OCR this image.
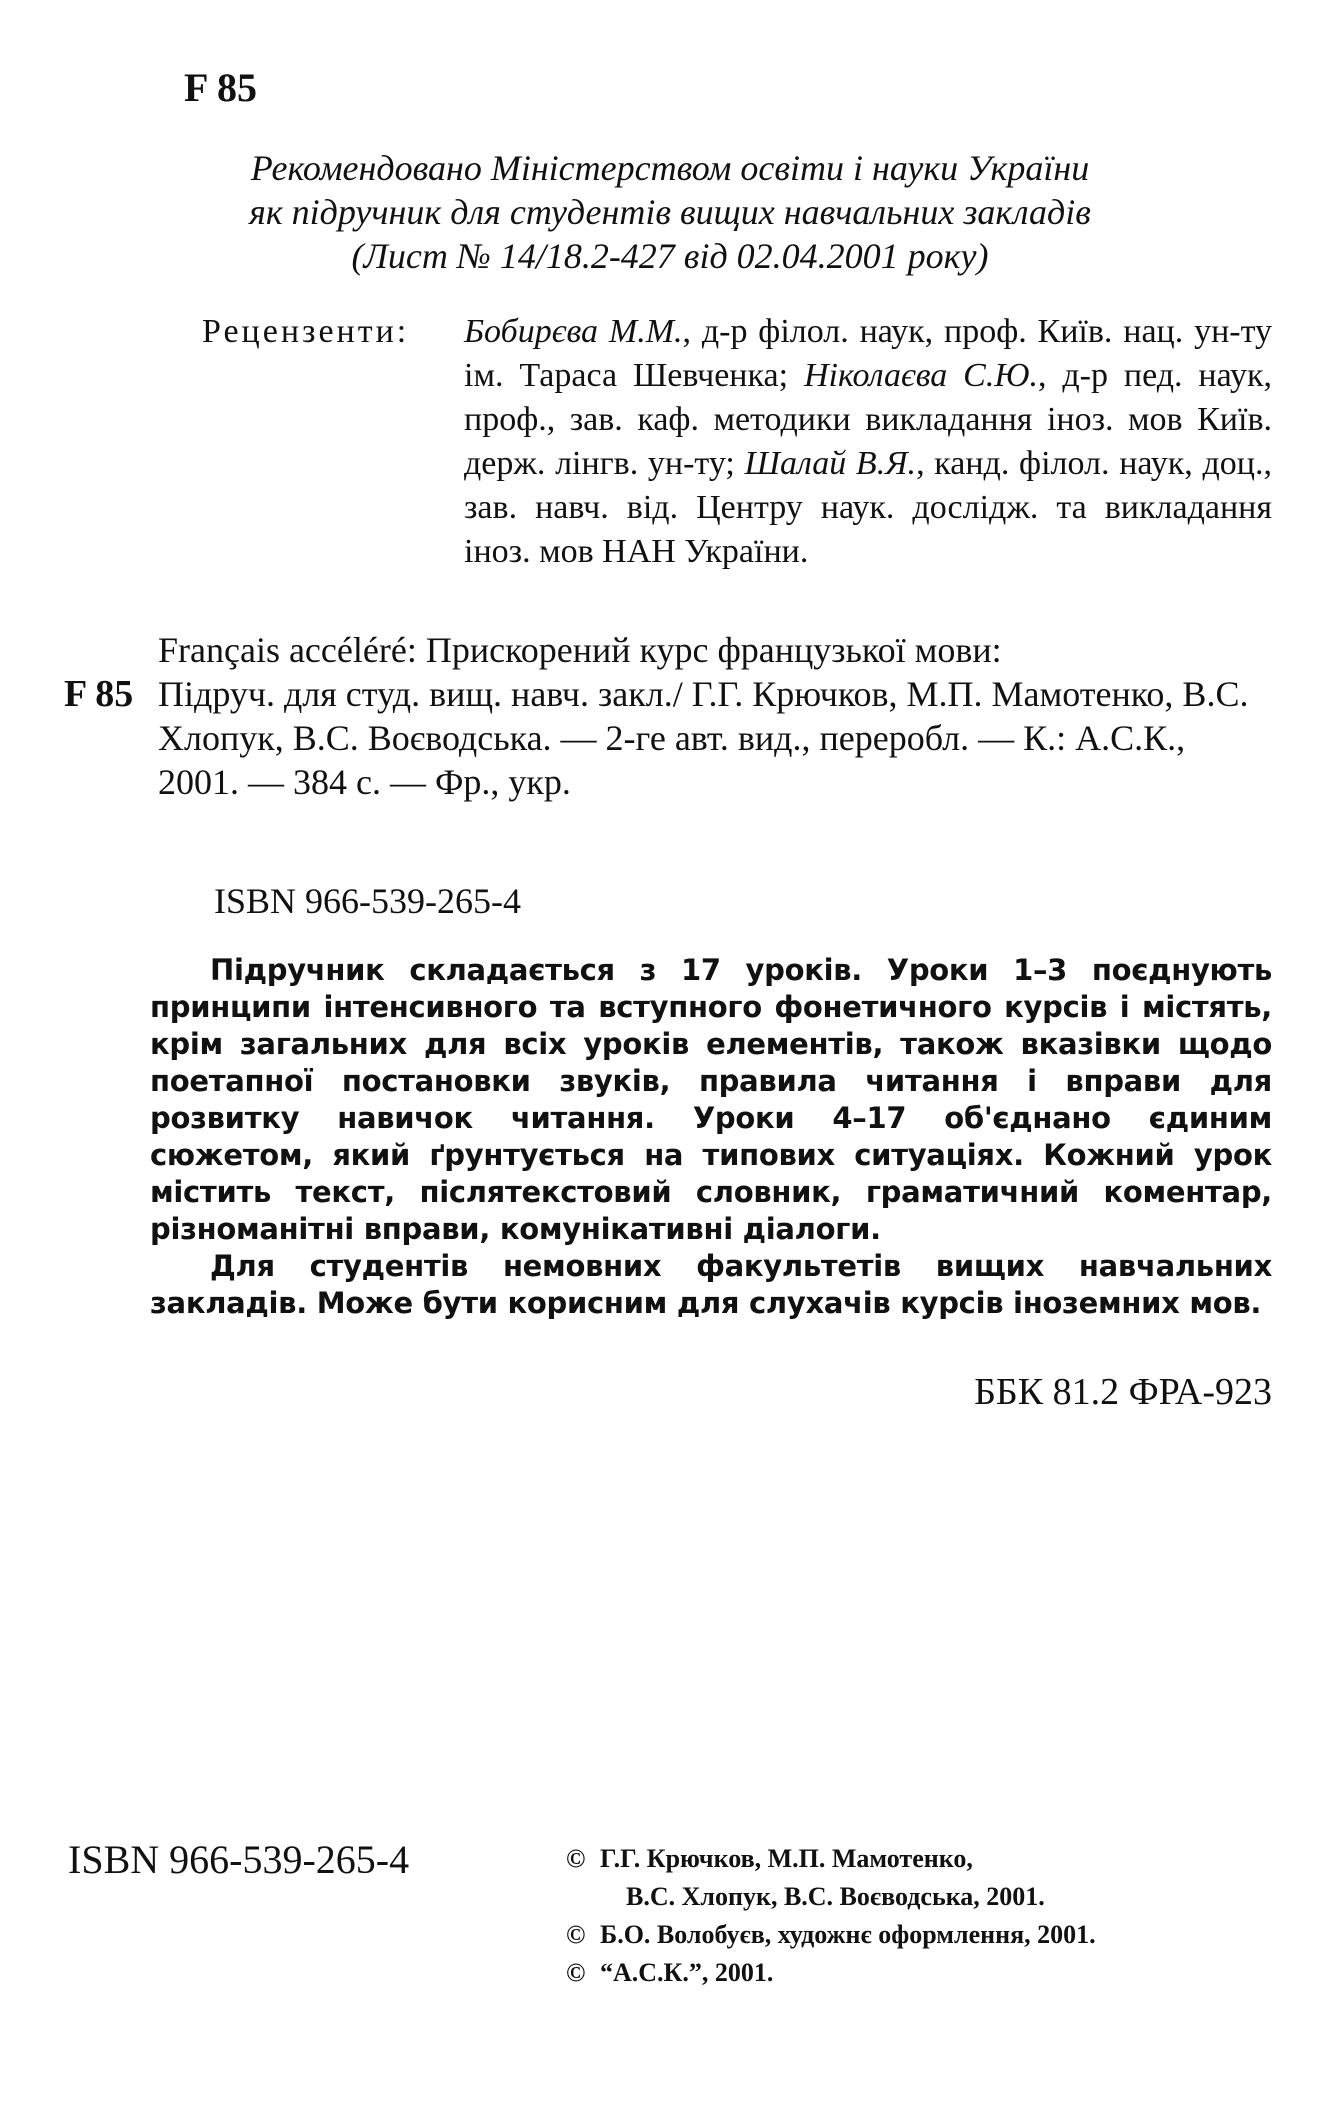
F 85
Рекомендовано Міністерством освіти і науки України
як підручник для студентів вищих навчальних закладів
(Лист № 14/18.2-427 від 02.04.2001 року)
Рецензенти: Бобирєва М.М., д-р філол. наук, проф. Київ. нац. ун-ту ім. Тараса Шевченка; Ніколаєва С.Ю., д-р пед. наук, проф., зав. каф. методики викладання іноз. мов Київ. держ. лінгв. ун-ту; Шалай В.Я., канд. філол. наук, доц., зав. навч. від. Центру наук. дослідж. та викладання іноз. мов НАН України.
F 85
Français accéléré: Прискорений курс французької мови:
Підруч. для студ. вищ. навч. закл./ Г.Г. Крючков, М.П. Мамотенко, В.С. Хлопук, В.С. Воєводська. — 2-ге авт. вид., переробл. — К.: А.С.К., 2001. — 384 с. — Фр., укр.
ISBN 966-539-265-4

Підручник складається з 17 уроків. Уроки 1–3 поєднують принципи інтенсивного та вступного фонетичного курсів і містять, крім загальних для всіх уроків елементів, також вказівки щодо поетапної постановки звуків, правила читання і вправи для розвитку навичок читання. Уроки 4–17 об'єднано єдиним сюжетом, який ґрунтується на типових ситуаціях. Кожний урок містить текст, післятекстовий словник, граматичний коментар, різноманітні вправи, комунікативні діалоги.

Для студентів немовних факультетів вищих навчальних закладів. Може бути корисним для слухачів курсів іноземних мов.

ББК 81.2 ФРА-923
ISBN 966-539-265-4	© Г.Г. Крючков, М.П. Мамотенко,
В.С. Хлопук, В.С. Воєводська, 2001.
© Б.О. Волобуєв, художнє оформлення, 2001.
© “А.С.К.”, 2001.
